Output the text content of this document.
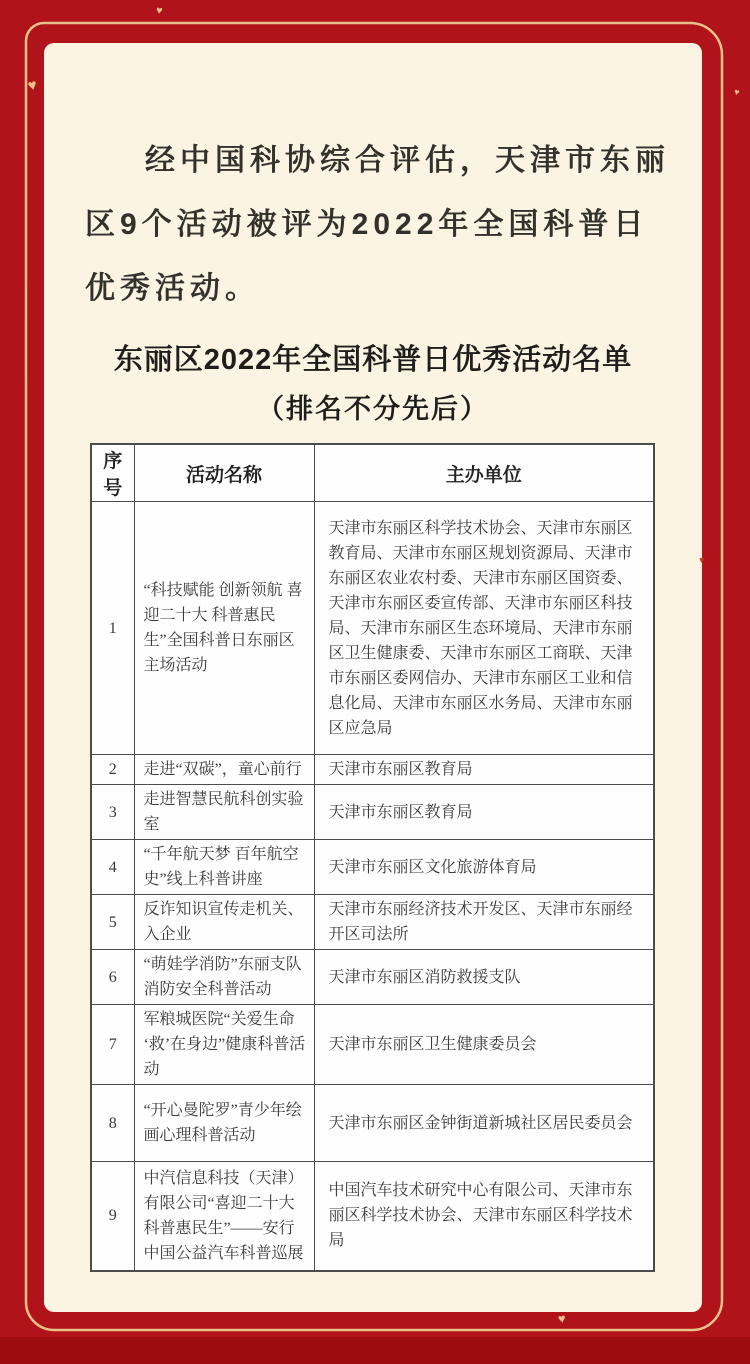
♥
♥
♥
♥
♥

经中国科协综合评估，天津市东丽区9个活动被评为2022年全国科普日优秀活动。

东丽区2022年全国科普日优秀活动名单
（排名不分先后）
序号	活动名称	主办单位
1	“科技赋能 创新领航 喜迎二十大 科普惠民生”全国科普日东丽区主场活动	天津市东丽区科学技术协会、天津市东丽区教育局、天津市东丽区规划资源局、天津市东丽区农业农村委、天津市东丽区国资委、天津市东丽区委宣传部、天津市东丽区科技局、天津市东丽区生态环境局、天津市东丽区卫生健康委、天津市东丽区工商联、天津市东丽区委网信办、天津市东丽区工业和信息化局、天津市东丽区水务局、天津市东丽区应急局
2	走进“双碳”，童心前行	天津市东丽区教育局
3	走进智慧民航科创实验室	天津市东丽区教育局
4	“千年航天梦 百年航空史”线上科普讲座	天津市东丽区文化旅游体育局
5	反诈知识宣传走机关、入企业	天津市东丽经济技术开发区、天津市东丽经开区司法所
6	“萌娃学消防”东丽支队消防安全科普活动	天津市东丽区消防救援支队
7	军粮城医院“关爱生命 ‘救’在身边”健康科普活动	天津市东丽区卫生健康委员会
8	“开心曼陀罗”青少年绘画心理科普活动	天津市东丽区金钟街道新城社区居民委员会
9	中汽信息科技（天津）有限公司“喜迎二十大 科普惠民生”——安行中国公益汽车科普巡展	中国汽车技术研究中心有限公司、天津市东丽区科学技术协会、天津市东丽区科学技术局
